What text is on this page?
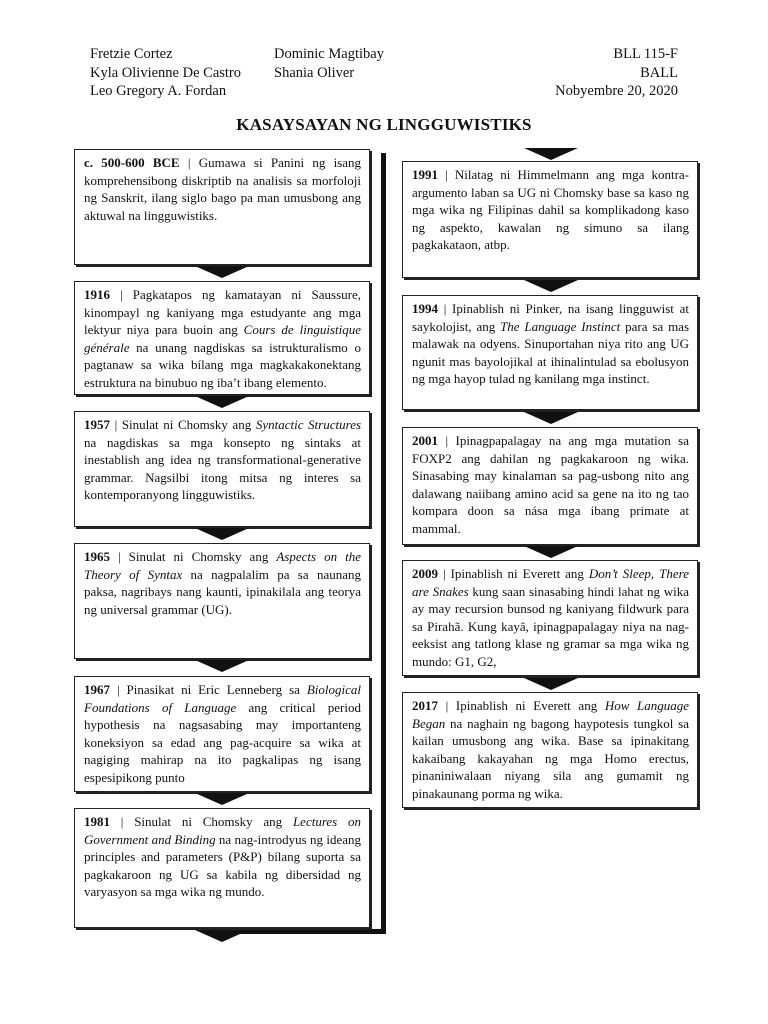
Fretzie Cortez
Kyla Olivienne De Castro
Leo Gregory A. Fordan
Dominic Magtibay
Shania Oliver
BLL 115-F
BALL
Nobyembre 20, 2020
KASAYSAYAN NG LINGGUWISTIKS
c. 500-600 BCE | Gumawa si Panini ng isang komprehensibong diskriptib na analisis sa morfoloji ng Sanskrit, ilang siglo bago pa man umusbong ang aktuwal na lingguwistiks.
1916 | Pagkatapos ng kamatayan ni Saussure, kinompayl ng kaniyang mga estudyante ang mga lektyur niya para buoin ang Cours de linguistique générale na unang nagdiskas sa istrukturalismo o pagtanaw sa wika bílang mga magkakakonektang estruktura na binubuo ng iba’t ibang elemento.
1957 | Sinulat ni Chomsky ang Syntactic Structures na nagdiskas sa mga konsepto ng sintaks at inestablish ang idea ng transformational-generative grammar. Nagsilbi itong mitsa ng interes sa kontemporanyong lingguwistiks.
1965 | Sinulat ni Chomsky ang Aspects on the Theory of Syntax na nagpalalim pa sa naunang paksa, nagribays nang kaunti, ipinakilala ang teorya ng universal grammar (UG).
1967 | Pinasikat ni Eric Lenneberg sa Biological Foundations of Language ang critical period hypothesis na nagsasabing may importanteng koneksiyon sa edad ang pag-acquire sa wika at nagiging mahirap na ito pagkalipas ng isang espesipikong punto
1981 | Sinulat ni Chomsky ang Lectures on Government and Binding na nag-introdyus ng ideang principles and parameters (P&P) bílang suporta sa pagkakaroon ng UG sa kabila ng dibersidad ng varyasyon sa mga wika ng mundo.
1991 | Nilatag ni Himmelmann ang mga kontra-argumento laban sa UG ni Chomsky base sa kaso ng mga wika ng Filipinas dahil sa komplikadong kaso ng aspekto, kawalan ng simuno sa ilang pagkakataon, atbp.
1994 | Ipinablish ni Pinker, na isang lingguwist at saykolojist, ang The Language Instinct para sa mas malawak na odyens. Sinuportahan niya rito ang UG ngunit mas bayolojikal at ihinalintulad sa ebolusyon ng mga hayop tulad ng kanilang mga instinct.
2001 | Ipinagpapalagay na ang mga mutation sa FOXP2 ang dahilan ng pagkakaroon ng wika. Sinasabing may kinalaman sa pag-usbong nito ang dalawang naiibang amino acid sa gene na ito ng tao kompara doon sa nása mga ibang primate at mammal.
2009 | Ipinablish ni Everett ang Don’t Sleep, There are Snakes kung saan sinasabing hindi lahat ng wika ay may recursion bunsod ng kaniyang fildwurk para sa Pirahã. Kung kayâ, ipinagpapalagay niya na nag-eeksist ang tatlong klase ng gramar sa mga wika ng mundo: G1, G2,
2017 | Ipinablish ni Everett ang How Language Began na naghain ng bagong haypotesis tungkol sa kailan umusbong ang wika. Base sa ipinakitang kakaibang kakayahan ng mga Homo erectus, pinaniniwalaan niyang sila ang gumamit ng pinakaunang porma ng wika.
